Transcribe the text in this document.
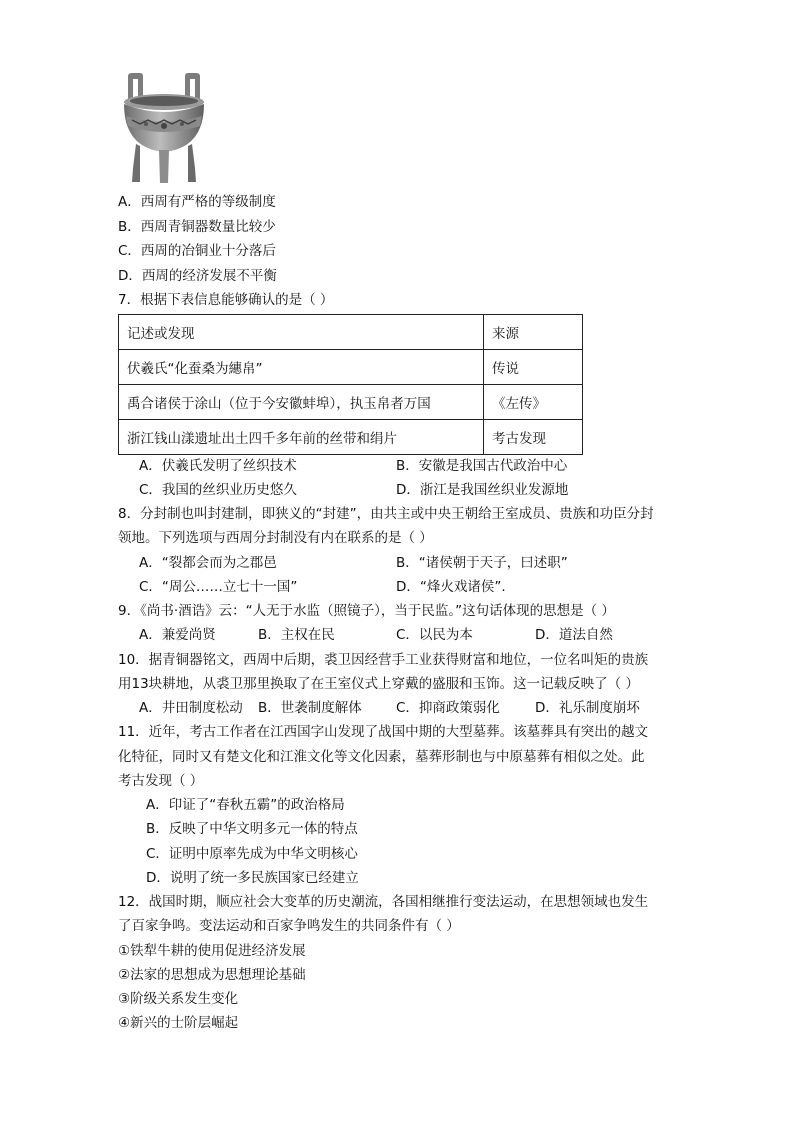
A．西周有严格的等级制度
B．西周青铜器数量比较少
C．西周的冶铜业十分落后
D．西周的经济发展不平衡
7．根据下表信息能够确认的是（ ）
记述或发现	来源
伏羲氏“化蚕桑为繐帛”	传说
禹合诸侯于涂山（位于今安徽蚌埠），执玉帛者万国	《左传》
浙江钱山漾遗址出土四千多年前的丝带和绢片	考古发现
A．伏羲氏发明了丝织技术	B．安徽是我国古代政治中心
C．我国的丝织业历史悠久	D．浙江是我国丝织业发源地
8．分封制也叫封建制，即狭义的“封建”，由共主或中央王朝给王室成员、贵族和功臣分封
领地。下列选项与西周分封制没有内在联系的是（ ）
A．“裂都会而为之郡邑	B．“诸侯朝于天子，曰述职”
C．“周公……立七十一国”	D．“烽火戏诸侯”.
9．《尚书·酒诰》云：“人无于水监（照镜子），当于民监。”这句话体现的思想是（ ）
A．兼爱尚贤	B．主权在民	C．以民为本	D．道法自然
10．据青铜器铭文，西周中后期，裘卫因经营手工业获得财富和地位，一位名叫矩的贵族
用13块耕地，从裘卫那里换取了在王室仪式上穿戴的盛服和玉饰。这一记载反映了（ ）
A．井田制度松动 B．世袭制度解体	C．抑商政策弱化	D．礼乐制度崩坏
11．近年，考古工作者在江西国字山发现了战国中期的大型墓葬。该墓葬具有突出的越文
化特征，同时又有楚文化和江淮文化等文化因素，墓葬形制也与中原墓葬有相似之处。此
考古发现（ ）
A．印证了“春秋五霸”的政治格局
B．反映了中华文明多元一体的特点
C．证明中原率先成为中华文明核心
D．说明了统一多民族国家已经建立
12．战国时期，顺应社会大变革的历史潮流，各国相继推行变法运动，在思想领域也发生
了百家争鸣。变法运动和百家争鸣发生的共同条件有（ ）
①铁犁牛耕的使用促进经济发展
②法家的思想成为思想理论基础
③阶级关系发生变化
④新兴的士阶层崛起
